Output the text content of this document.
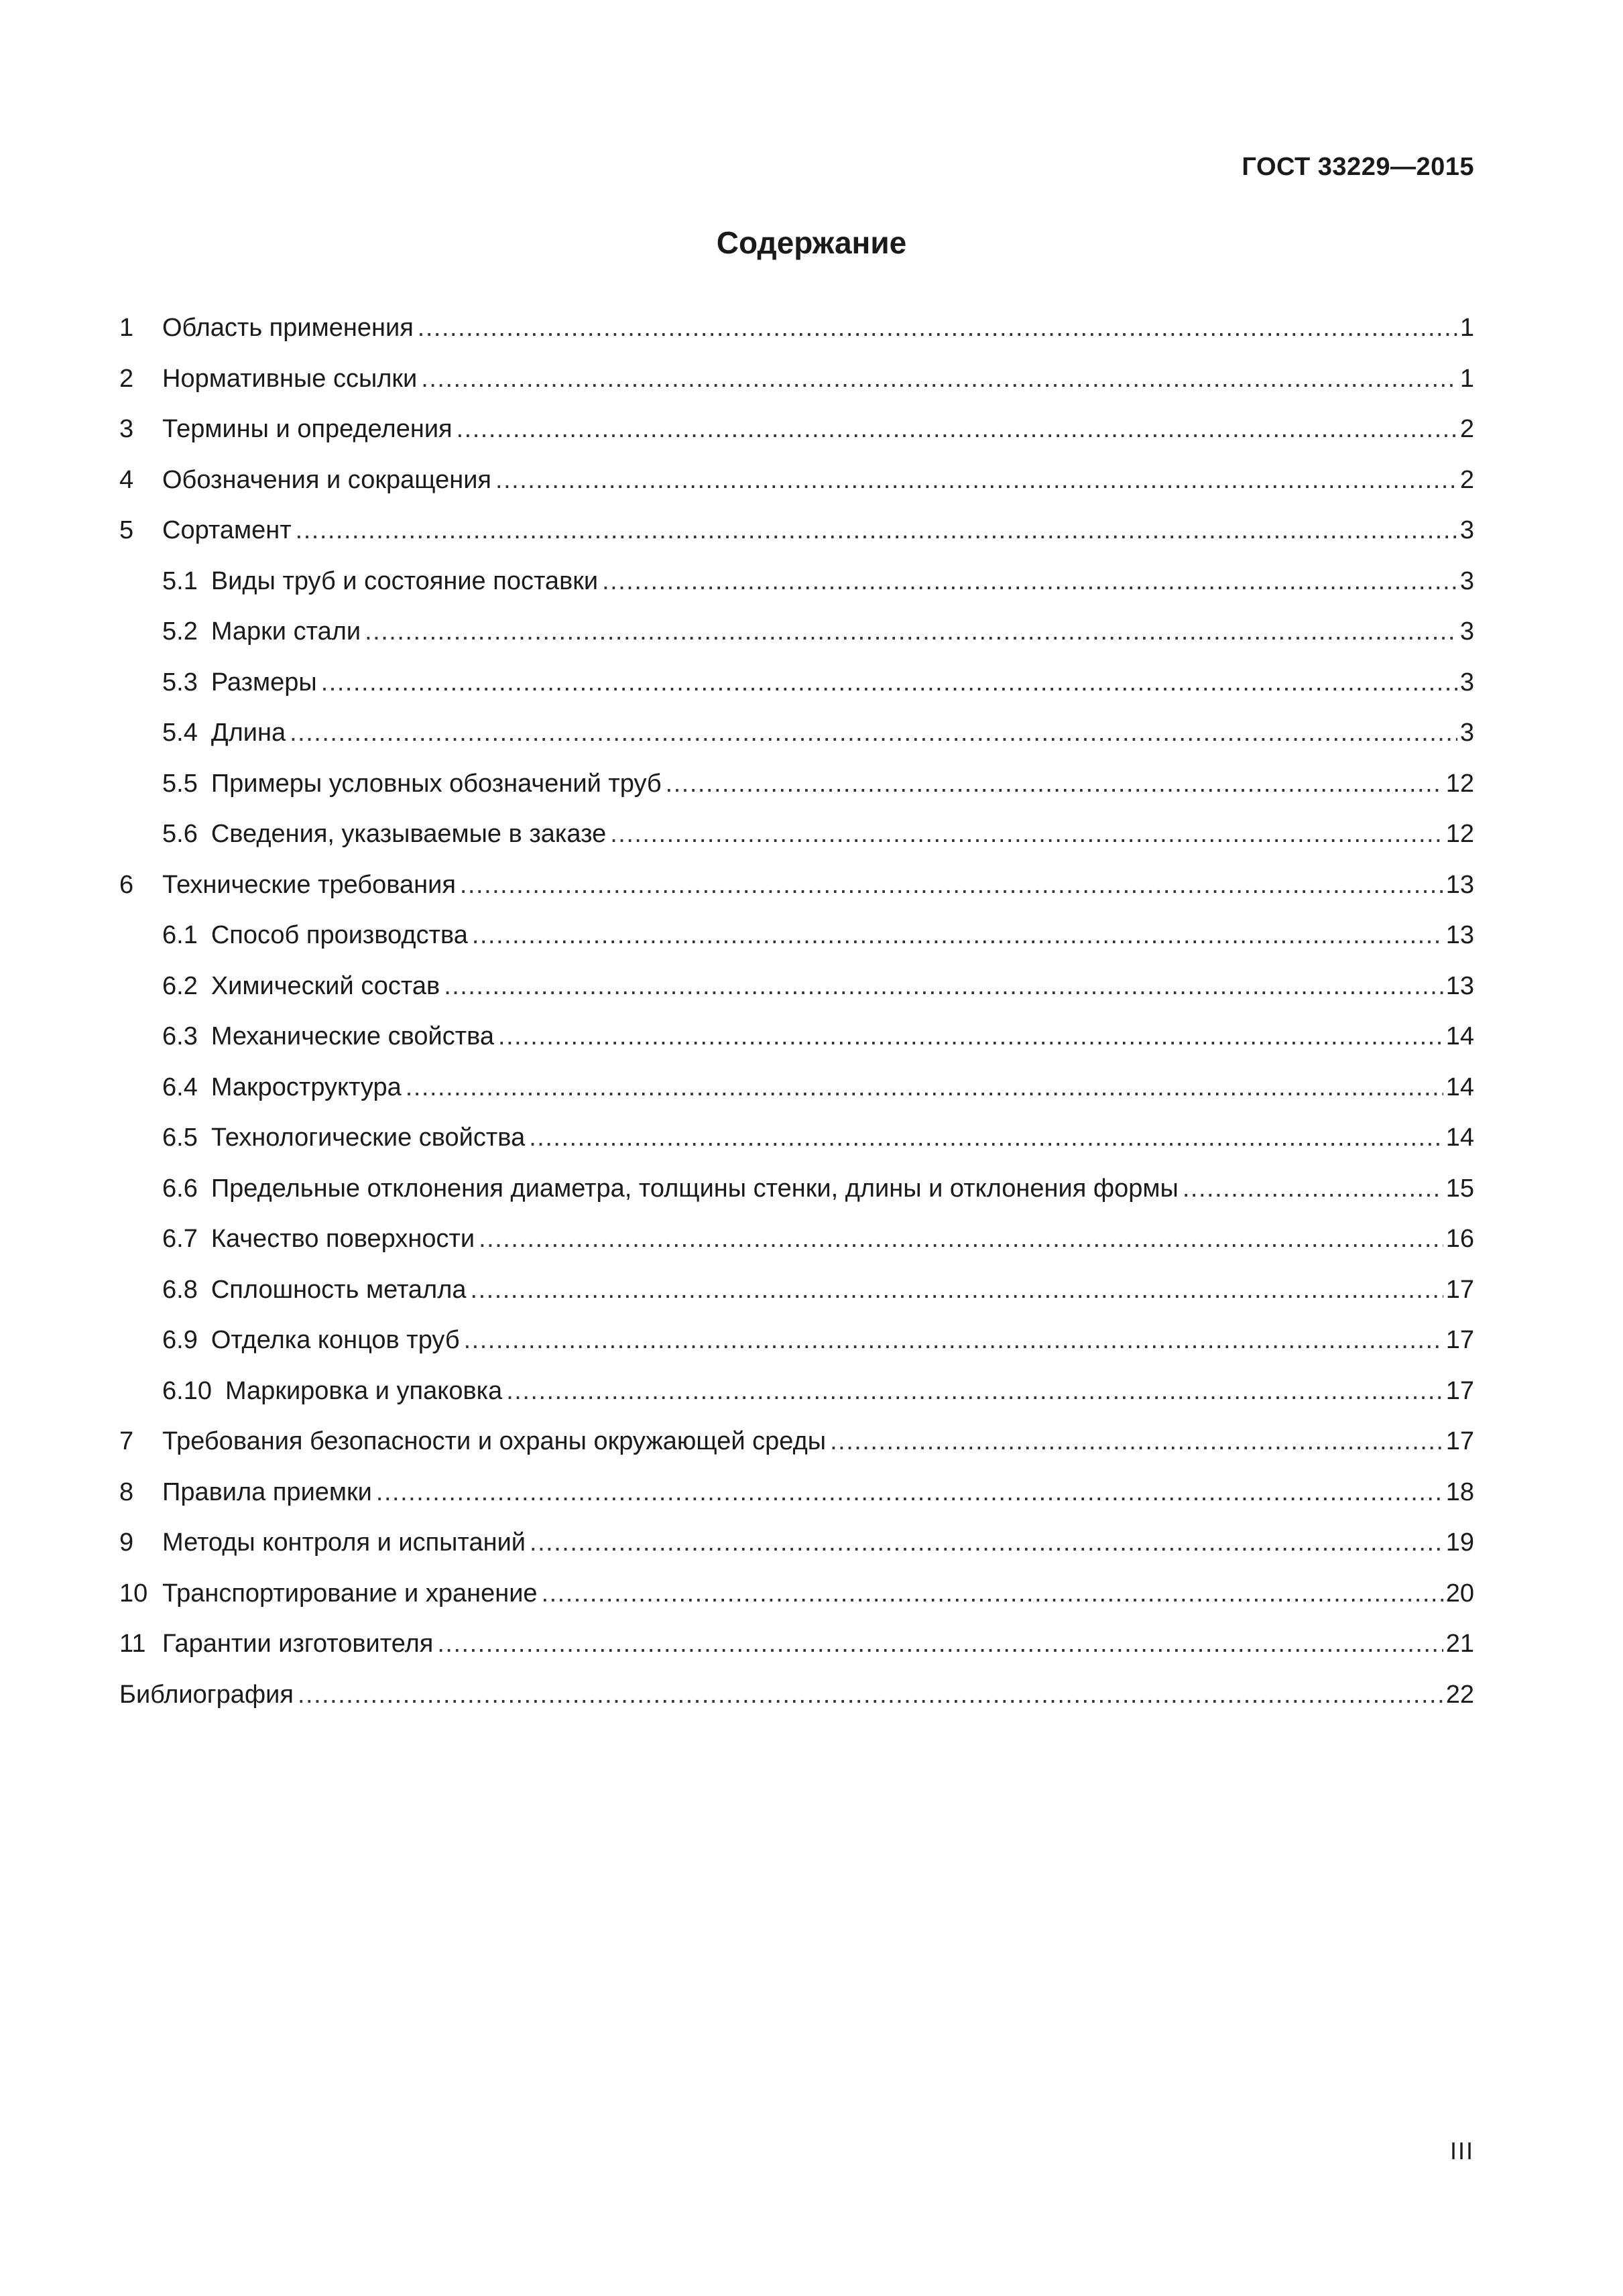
ГОСТ 33229—2015
Содержание
1	Область применения .....	1
2	Нормативные ссылки .....	1
3	Термины и определения .....	2
4	Обозначения и сокращения .....	2
5	Сортамент .....	3
5.1 Виды труб и состояние поставки .....	3
5.2 Марки стали .....	3
5.3 Размеры .....	3
5.4 Длина .....	3
5.5 Примеры условных обозначений труб .....	12
5.6 Сведения, указываемые в заказе .....	12
6	Технические требования .....	13
6.1 Способ производства .....	13
6.2 Химический состав .....	13
6.3 Механические свойства .....	14
6.4 Макроструктура .....	14
6.5 Технологические свойства .....	14
6.6 Предельные отклонения диаметра, толщины стенки, длины и отклонения формы .....	15
6.7 Качество поверхности .....	16
6.8 Сплошность металла .....	17
6.9 Отделка концов труб .....	17
6.10 Маркировка и упаковка .....	17
7	Требования безопасности и охраны окружающей среды .....	17
8	Правила приемки .....	18
9	Методы контроля и испытаний .....	19
10 Транспортирование и хранение .....	20
11 Гарантии изготовителя .....	21
Библиография .....	22
III
